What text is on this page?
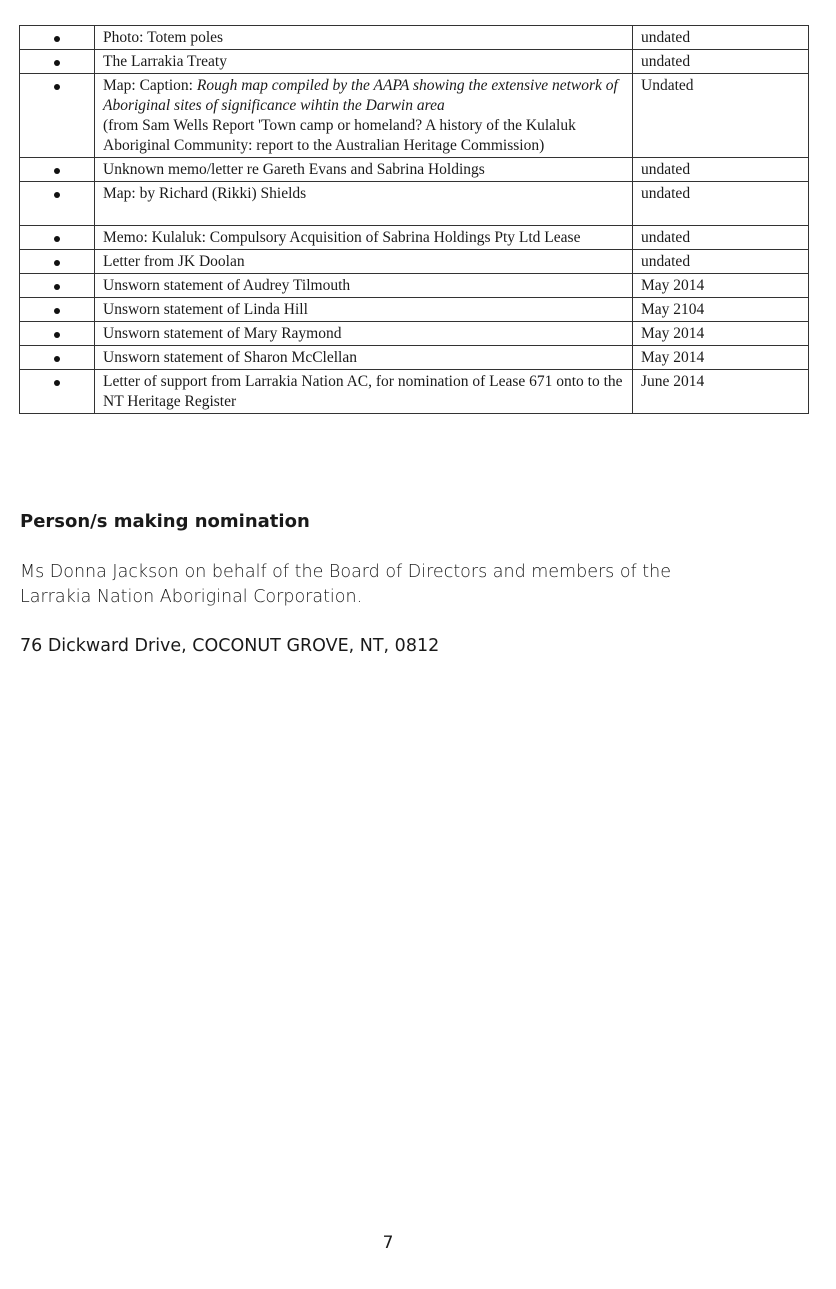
	Photo: Totem poles	undated
	The Larrakia Treaty	undated
	Map: Caption: Rough map compiled by the AAPA showing the extensive network of Aboriginal sites of significance wihtin the Darwin area
(from Sam Wells Report 'Town camp or homeland? A history of the Kulaluk Aboriginal Community: report to the Australian Heritage Commission)	Undated
	Unknown memo/letter re Gareth Evans and Sabrina Holdings	undated
	Map: by Richard (Rikki) Shields	undated
	Memo: Kulaluk: Compulsory Acquisition of Sabrina Holdings Pty Ltd Lease	undated
	Letter from JK Doolan	undated
	Unsworn statement of Audrey Tilmouth	May 2014
	Unsworn statement of Linda Hill	May 2104
	Unsworn statement of Mary Raymond	May 2014
	Unsworn statement of Sharon McClellan	May 2014
	Letter of support from Larrakia Nation AC, for nomination of Lease 671 onto to the NT Heritage Register	June 2014
Person/s making nomination

Ms Donna Jackson on behalf of the Board of Directors and members of the Larrakia Nation Aboriginal Corporation.

76 Dickward Drive, COCONUT GROVE, NT, 0812

7
